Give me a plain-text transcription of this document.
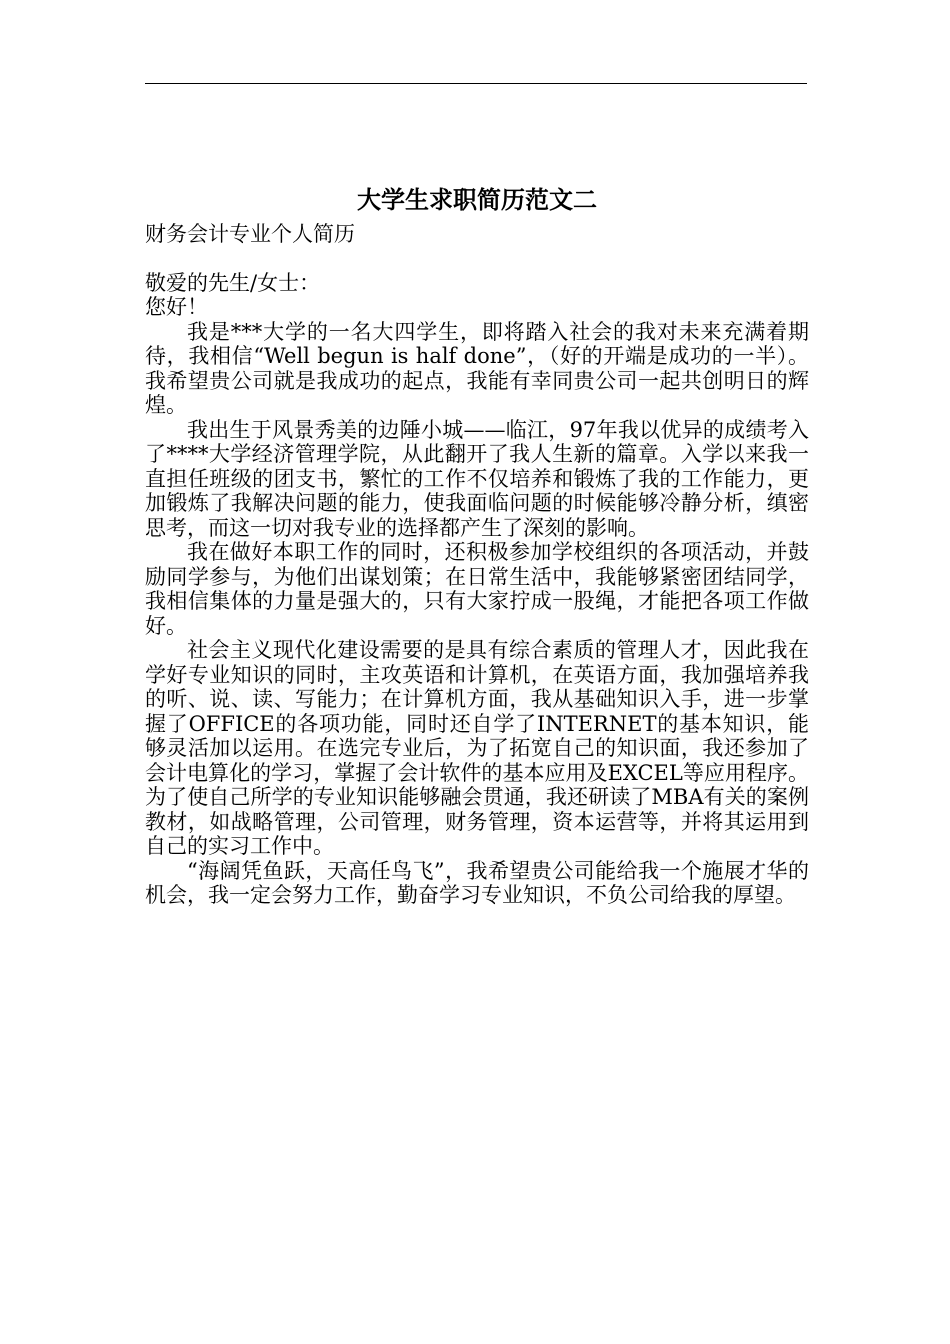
大学生求职简历范文二

财务会计专业个人简历

敬爱的先生/女士：

您好！

我是***大学的一名大四学生，即将踏入社会的我对未来充满着期待，我相信“Well begun is half done”，（好的开端是成功的一半）。我希望贵公司就是我成功的起点，我能有幸同贵公司一起共创明日的辉煌。

我出生于风景秀美的边陲小城——临江，97年我以优异的成绩考入了****大学经济管理学院，从此翻开了我人生新的篇章。入学以来我一直担任班级的团支书，繁忙的工作不仅培养和锻炼了我的工作能力，更加锻炼了我解决问题的能力，使我面临问题的时候能够冷静分析，缜密思考，而这一切对我专业的选择都产生了深刻的影响。

我在做好本职工作的同时，还积极参加学校组织的各项活动，并鼓励同学参与，为他们出谋划策；在日常生活中，我能够紧密团结同学，我相信集体的力量是强大的，只有大家拧成一股绳，才能把各项工作做好。

社会主义现代化建设需要的是具有综合素质的管理人才，因此我在学好专业知识的同时，主攻英语和计算机，在英语方面，我加强培养我的听、说、读、写能力；在计算机方面，我从基础知识入手，进一步掌握了OFFICE的各项功能，同时还自学了INTERNET的基本知识，能够灵活加以运用。在选完专业后，为了拓宽自己的知识面，我还参加了会计电算化的学习，掌握了会计软件的基本应用及EXCEL等应用程序。为了使自己所学的专业知识能够融会贯通，我还研读了MBA有关的案例教材，如战略管理，公司管理，财务管理，资本运营等，并将其运用到自己的实习工作中。

“海阔凭鱼跃，天高任鸟飞”，我希望贵公司能给我一个施展才华的机会，我一定会努力工作，勤奋学习专业知识，不负公司给我的厚望。
